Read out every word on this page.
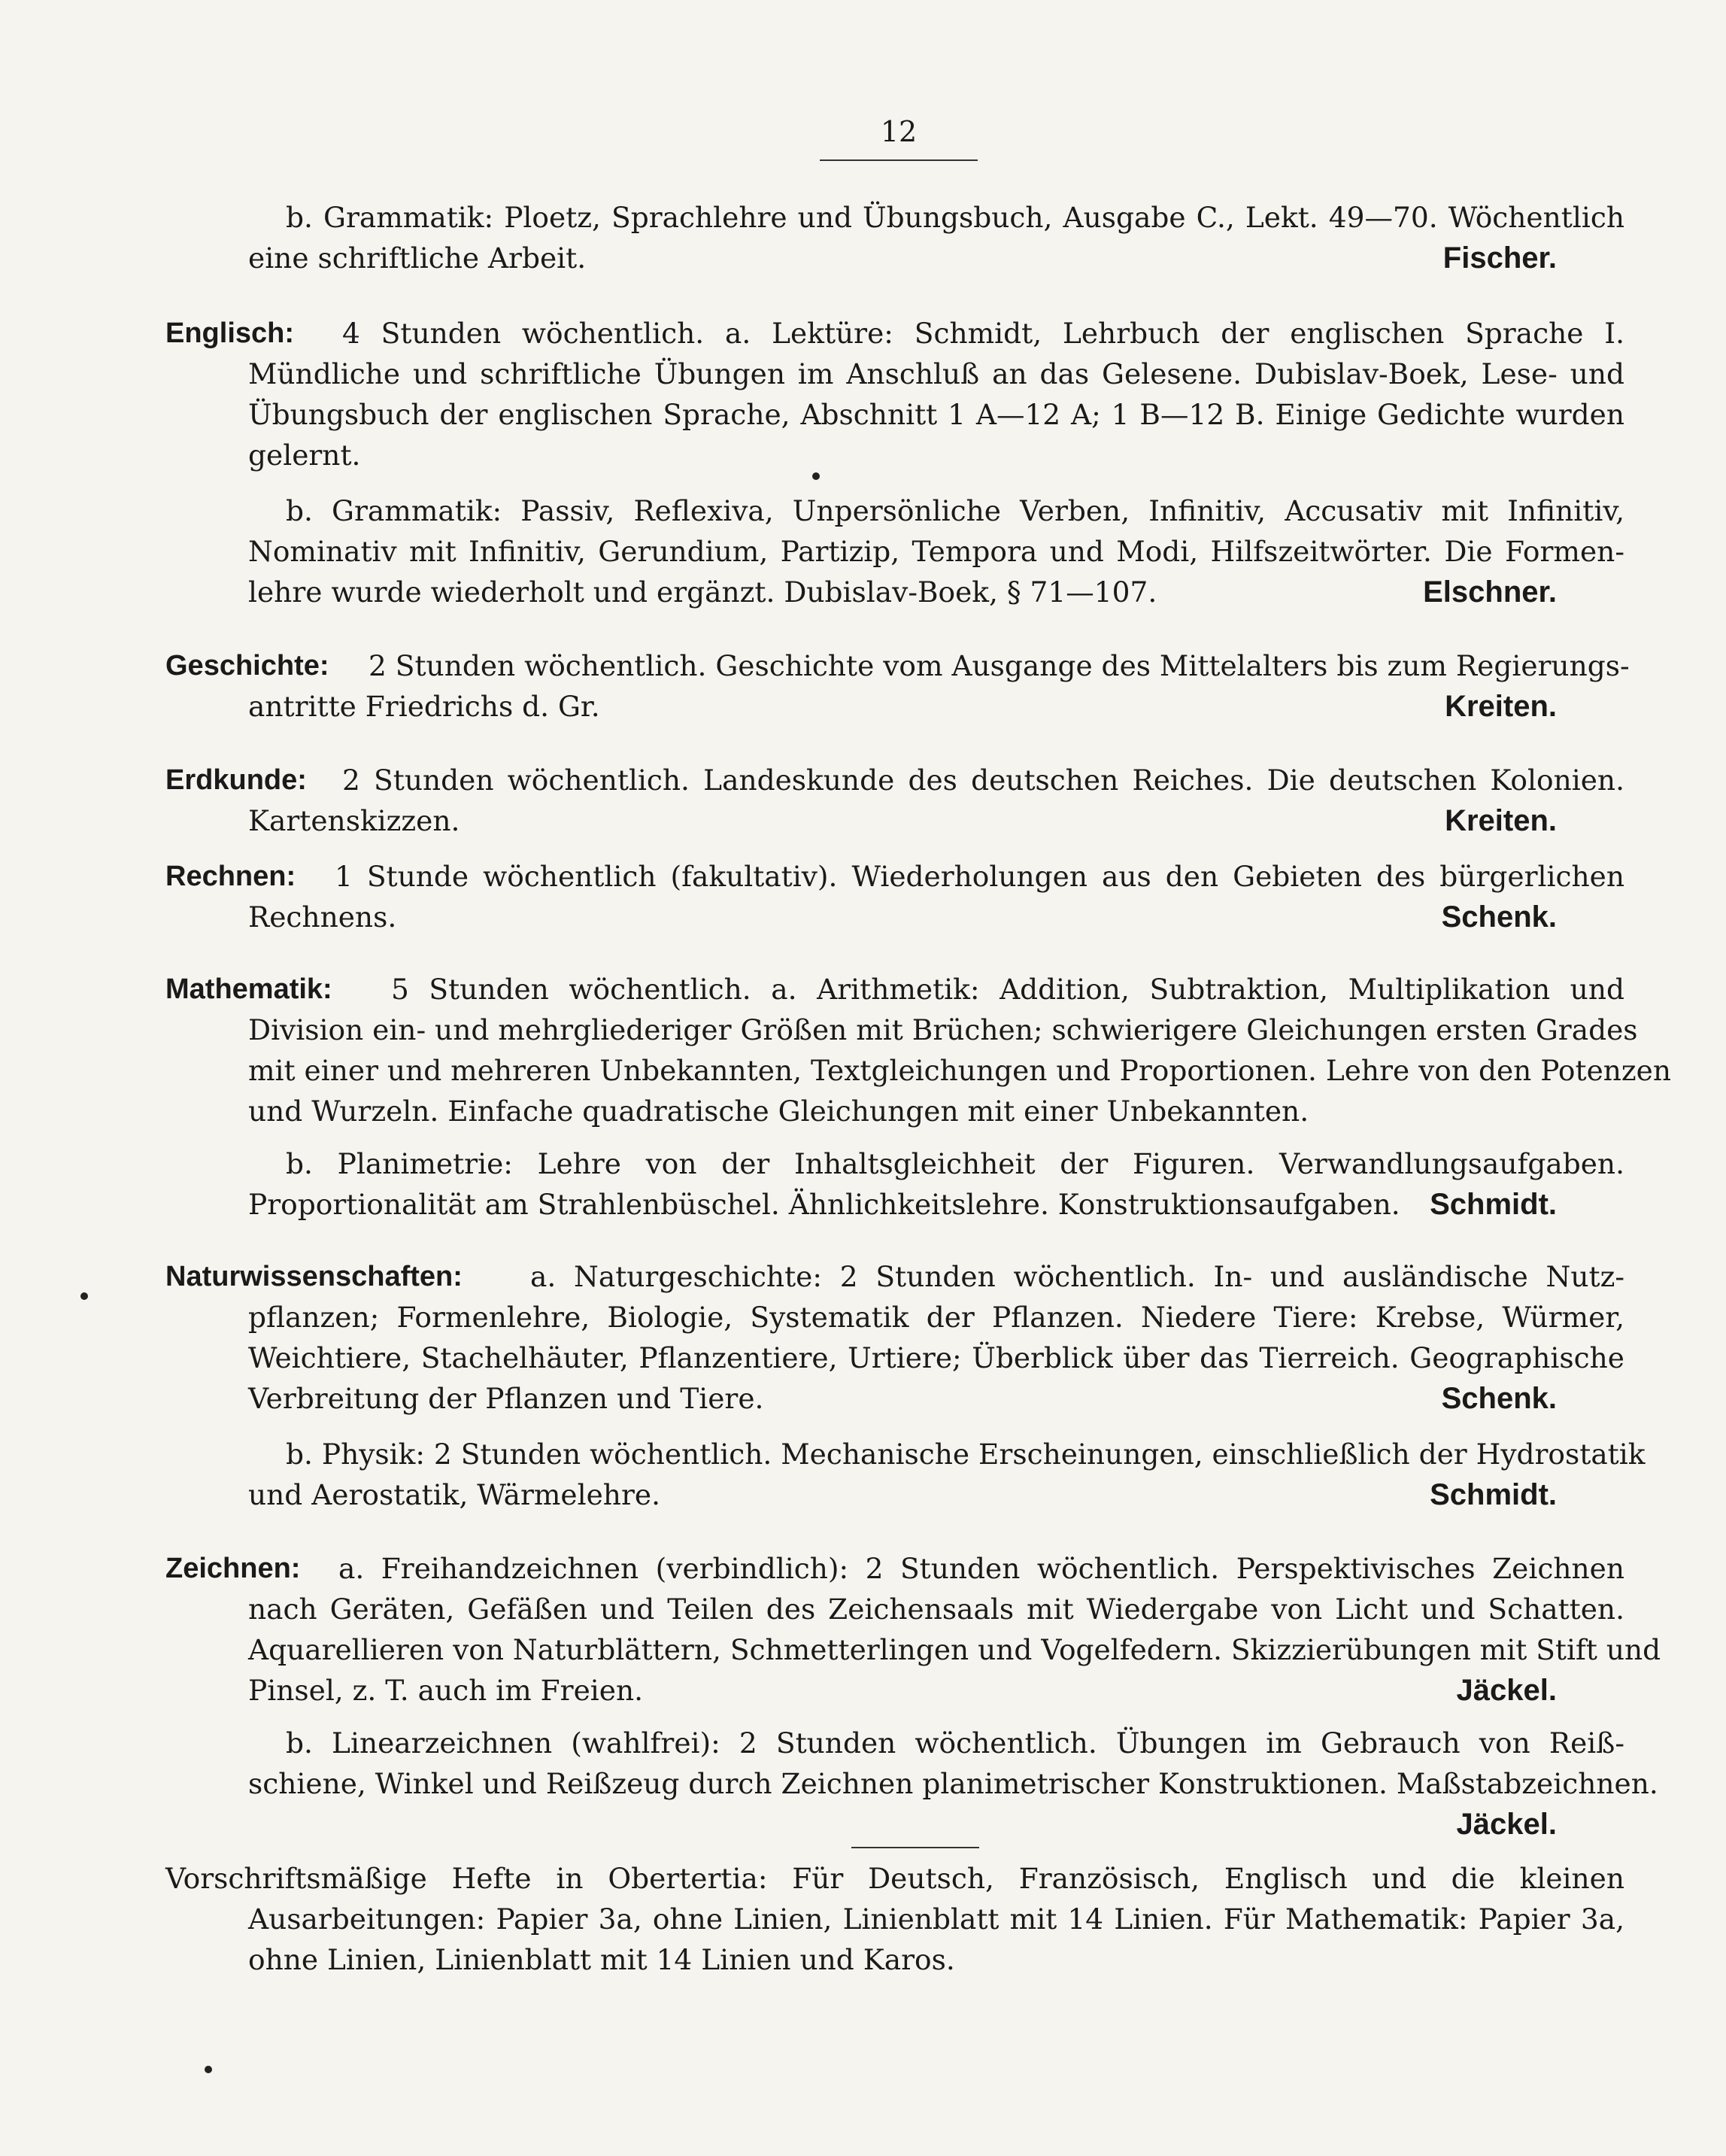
12
b. Grammatik: Ploetz, Sprachlehre und Übungsbuch, Ausgabe C., Lekt. 49—70. Wöchentlich
eine schriftliche Arbeit.	Fischer.
Englisch: 4 Stunden wöchentlich. a. Lektüre: Schmidt, Lehrbuch der englischen Sprache I.
Mündliche und schriftliche Übungen im Anschluß an das Gelesene. Dubislav-Boek, Lese- und
Übungsbuch der englischen Sprache, Abschnitt 1 A—12 A; 1 B—12 B. Einige Gedichte wurden
gelernt.
b. Grammatik: Passiv, Reflexiva, Unpersönliche Verben, Infinitiv, Accusativ mit Infinitiv,
Nominativ mit Infinitiv, Gerundium, Partizip, Tempora und Modi, Hilfszeitwörter. Die Formen-
lehre wurde wiederholt und ergänzt. Dubislav-Boek, § 71—107.	Elschner.
Geschichte: 2 Stunden wöchentlich. Geschichte vom Ausgange des Mittelalters bis zum Regierungs-
antritte Friedrichs d. Gr.	Kreiten.
Erdkunde: 2 Stunden wöchentlich. Landeskunde des deutschen Reiches. Die deutschen Kolonien.
Kartenskizzen.	Kreiten.
Rechnen: 1 Stunde wöchentlich (fakultativ). Wiederholungen aus den Gebieten des bürgerlichen
Rechnens.	Schenk.
Mathematik: 5 Stunden wöchentlich. a. Arithmetik: Addition, Subtraktion, Multiplikation und
Division ein- und mehrgliederiger Größen mit Brüchen; schwierigere Gleichungen ersten Grades
mit einer und mehreren Unbekannten, Textgleichungen und Proportionen. Lehre von den Potenzen
und Wurzeln. Einfache quadratische Gleichungen mit einer Unbekannten.
b. Planimetrie: Lehre von der Inhaltsgleichheit der Figuren. Verwandlungsaufgaben.
Proportionalität am Strahlenbüschel. Ähnlichkeitslehre. Konstruktionsaufgaben. Schmidt.
Naturwissenschaften: a. Naturgeschichte: 2 Stunden wöchentlich. In- und ausländische Nutz-
pflanzen; Formenlehre, Biologie, Systematik der Pflanzen. Niedere Tiere: Krebse, Würmer,
Weichtiere, Stachelhäuter, Pflanzentiere, Urtiere; Überblick über das Tierreich. Geographische
Verbreitung der Pflanzen und Tiere.	Schenk.
b. Physik: 2 Stunden wöchentlich. Mechanische Erscheinungen, einschließlich der Hydrostatik
und Aerostatik, Wärmelehre.	Schmidt.
Zeichnen: a. Freihandzeichnen (verbindlich): 2 Stunden wöchentlich. Perspektivisches Zeichnen
nach Geräten, Gefäßen und Teilen des Zeichensaals mit Wiedergabe von Licht und Schatten.
Aquarellieren von Naturblättern, Schmetterlingen und Vogelfedern. Skizzierübungen mit Stift und
Pinsel, z. T. auch im Freien.	Jäckel.
b. Linearzeichnen (wahlfrei): 2 Stunden wöchentlich. Übungen im Gebrauch von Reiß-
schiene, Winkel und Reißzeug durch Zeichnen planimetrischer Konstruktionen. Maßstabzeichnen.
Jäckel.
Vorschriftsmäßige Hefte in Obertertia: Für Deutsch, Französisch, Englisch und die kleinen
Ausarbeitungen: Papier 3a, ohne Linien, Linienblatt mit 14 Linien. Für Mathematik: Papier 3a,
ohne Linien, Linienblatt mit 14 Linien und Karos.
